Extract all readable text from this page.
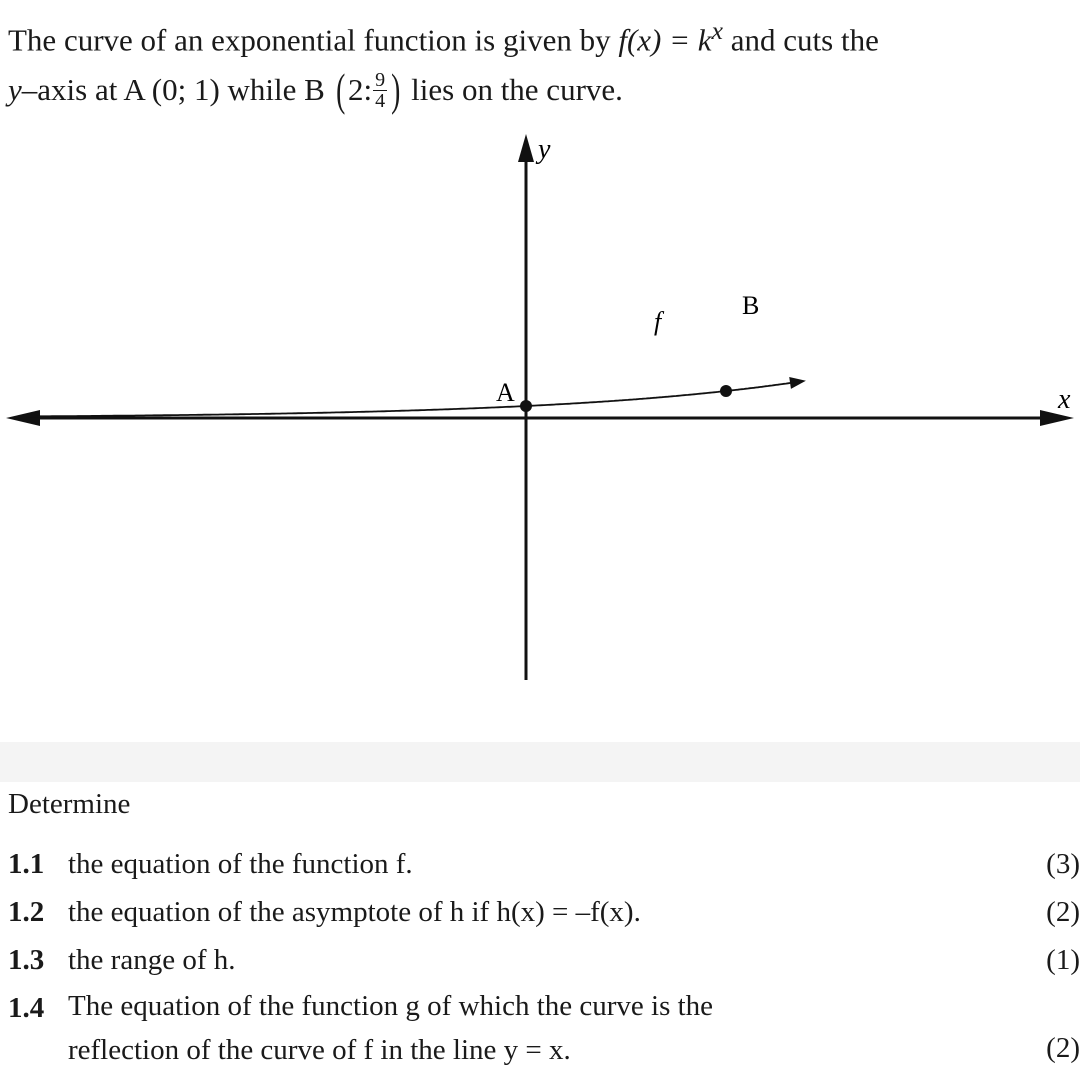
The curve of an exponential function is given by $f(x) = k^x$ and cuts the
y–axis at A (0; 1) while B ( 2: $\frac{9}{4}$ ) lies on the curve.
y
x
f
A
B
Determine
1.1 the equation of the function f.	(3)
1.2 the equation of the asymptote of h if h(x) = –f(x).	(2)
1.3 the range of h.	(1)
1.4 The equation of the function g of which the curve is the
reflection of the curve of f in the line y = x.	(2)
